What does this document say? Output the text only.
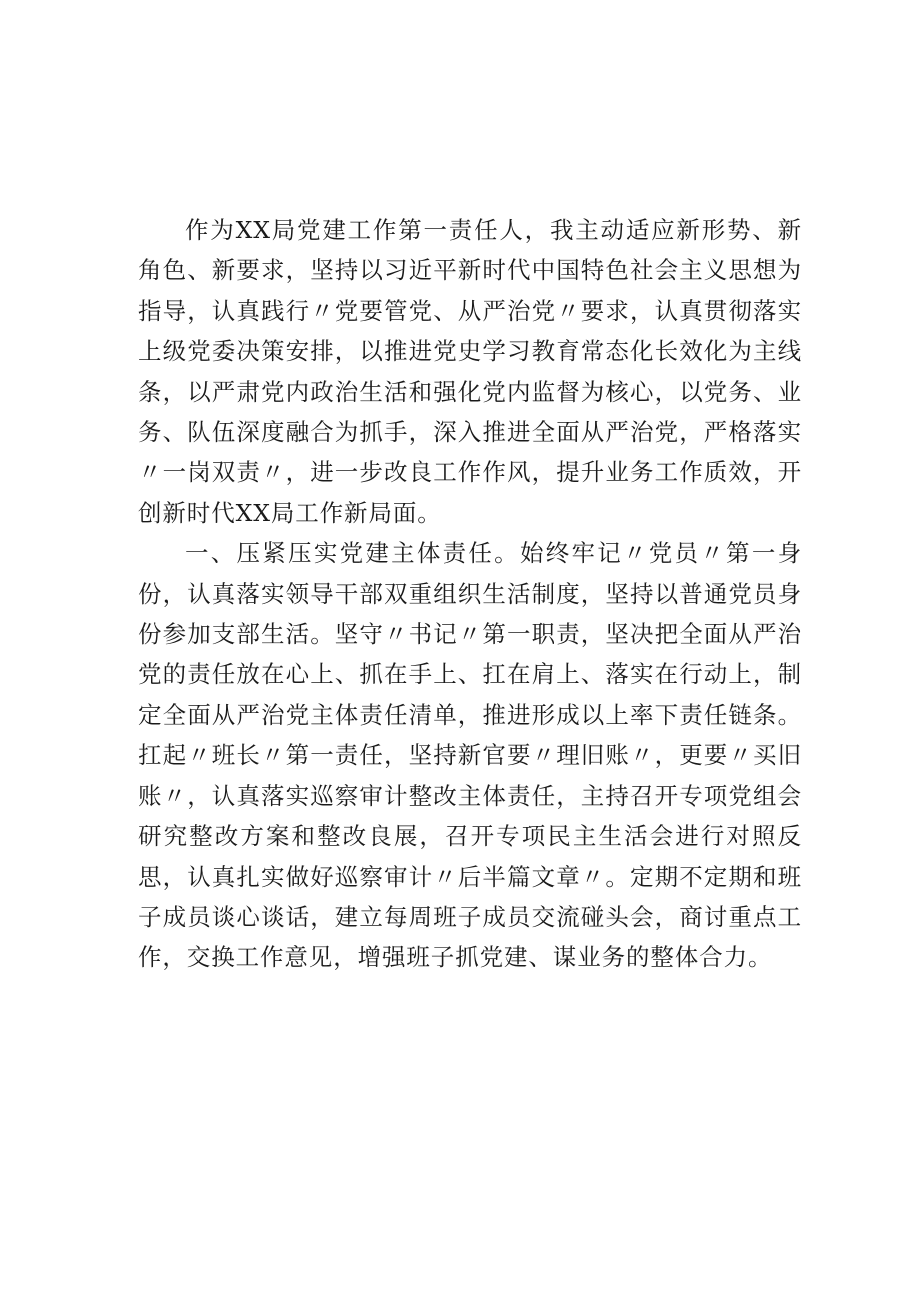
作为XX局党建工作第一责任人，我主动适应新形势、新角色、新要求，坚持以习近平新时代中国特色社会主义思想为指导，认真践行〃党要管党、从严治党〃要求，认真贯彻落实上级党委决策安排，以推进党史学习教育常态化长效化为主线条，以严肃党内政治生活和强化党内监督为核心，以党务、业务、队伍深度融合为抓手，深入推进全面从严治党，严格落实〃一岗双责〃，进一步改良工作作风，提升业务工作质效，开创新时代XX局工作新局面。

一、压紧压实党建主体责任。始终牢记〃党员〃第一身份，认真落实领导干部双重组织生活制度，坚持以普通党员身份参加支部生活。坚守〃书记〃第一职责，坚决把全面从严治党的责任放在心上、抓在手上、扛在肩上、落实在行动上，制定全面从严治党主体责任清单，推进形成以上率下责任链条。扛起〃班长〃第一责任，坚持新官要〃理旧账〃，更要〃买旧账〃，认真落实巡察审计整改主体责任，主持召开专项党组会研究整改方案和整改良展，召开专项民主生活会进行对照反思，认真扎实做好巡察审计〃后半篇文章〃。定期不定期和班子成员谈心谈话，建立每周班子成员交流碰头会，商讨重点工作，交换工作意见，增强班子抓党建、谋业务的整体合力。
